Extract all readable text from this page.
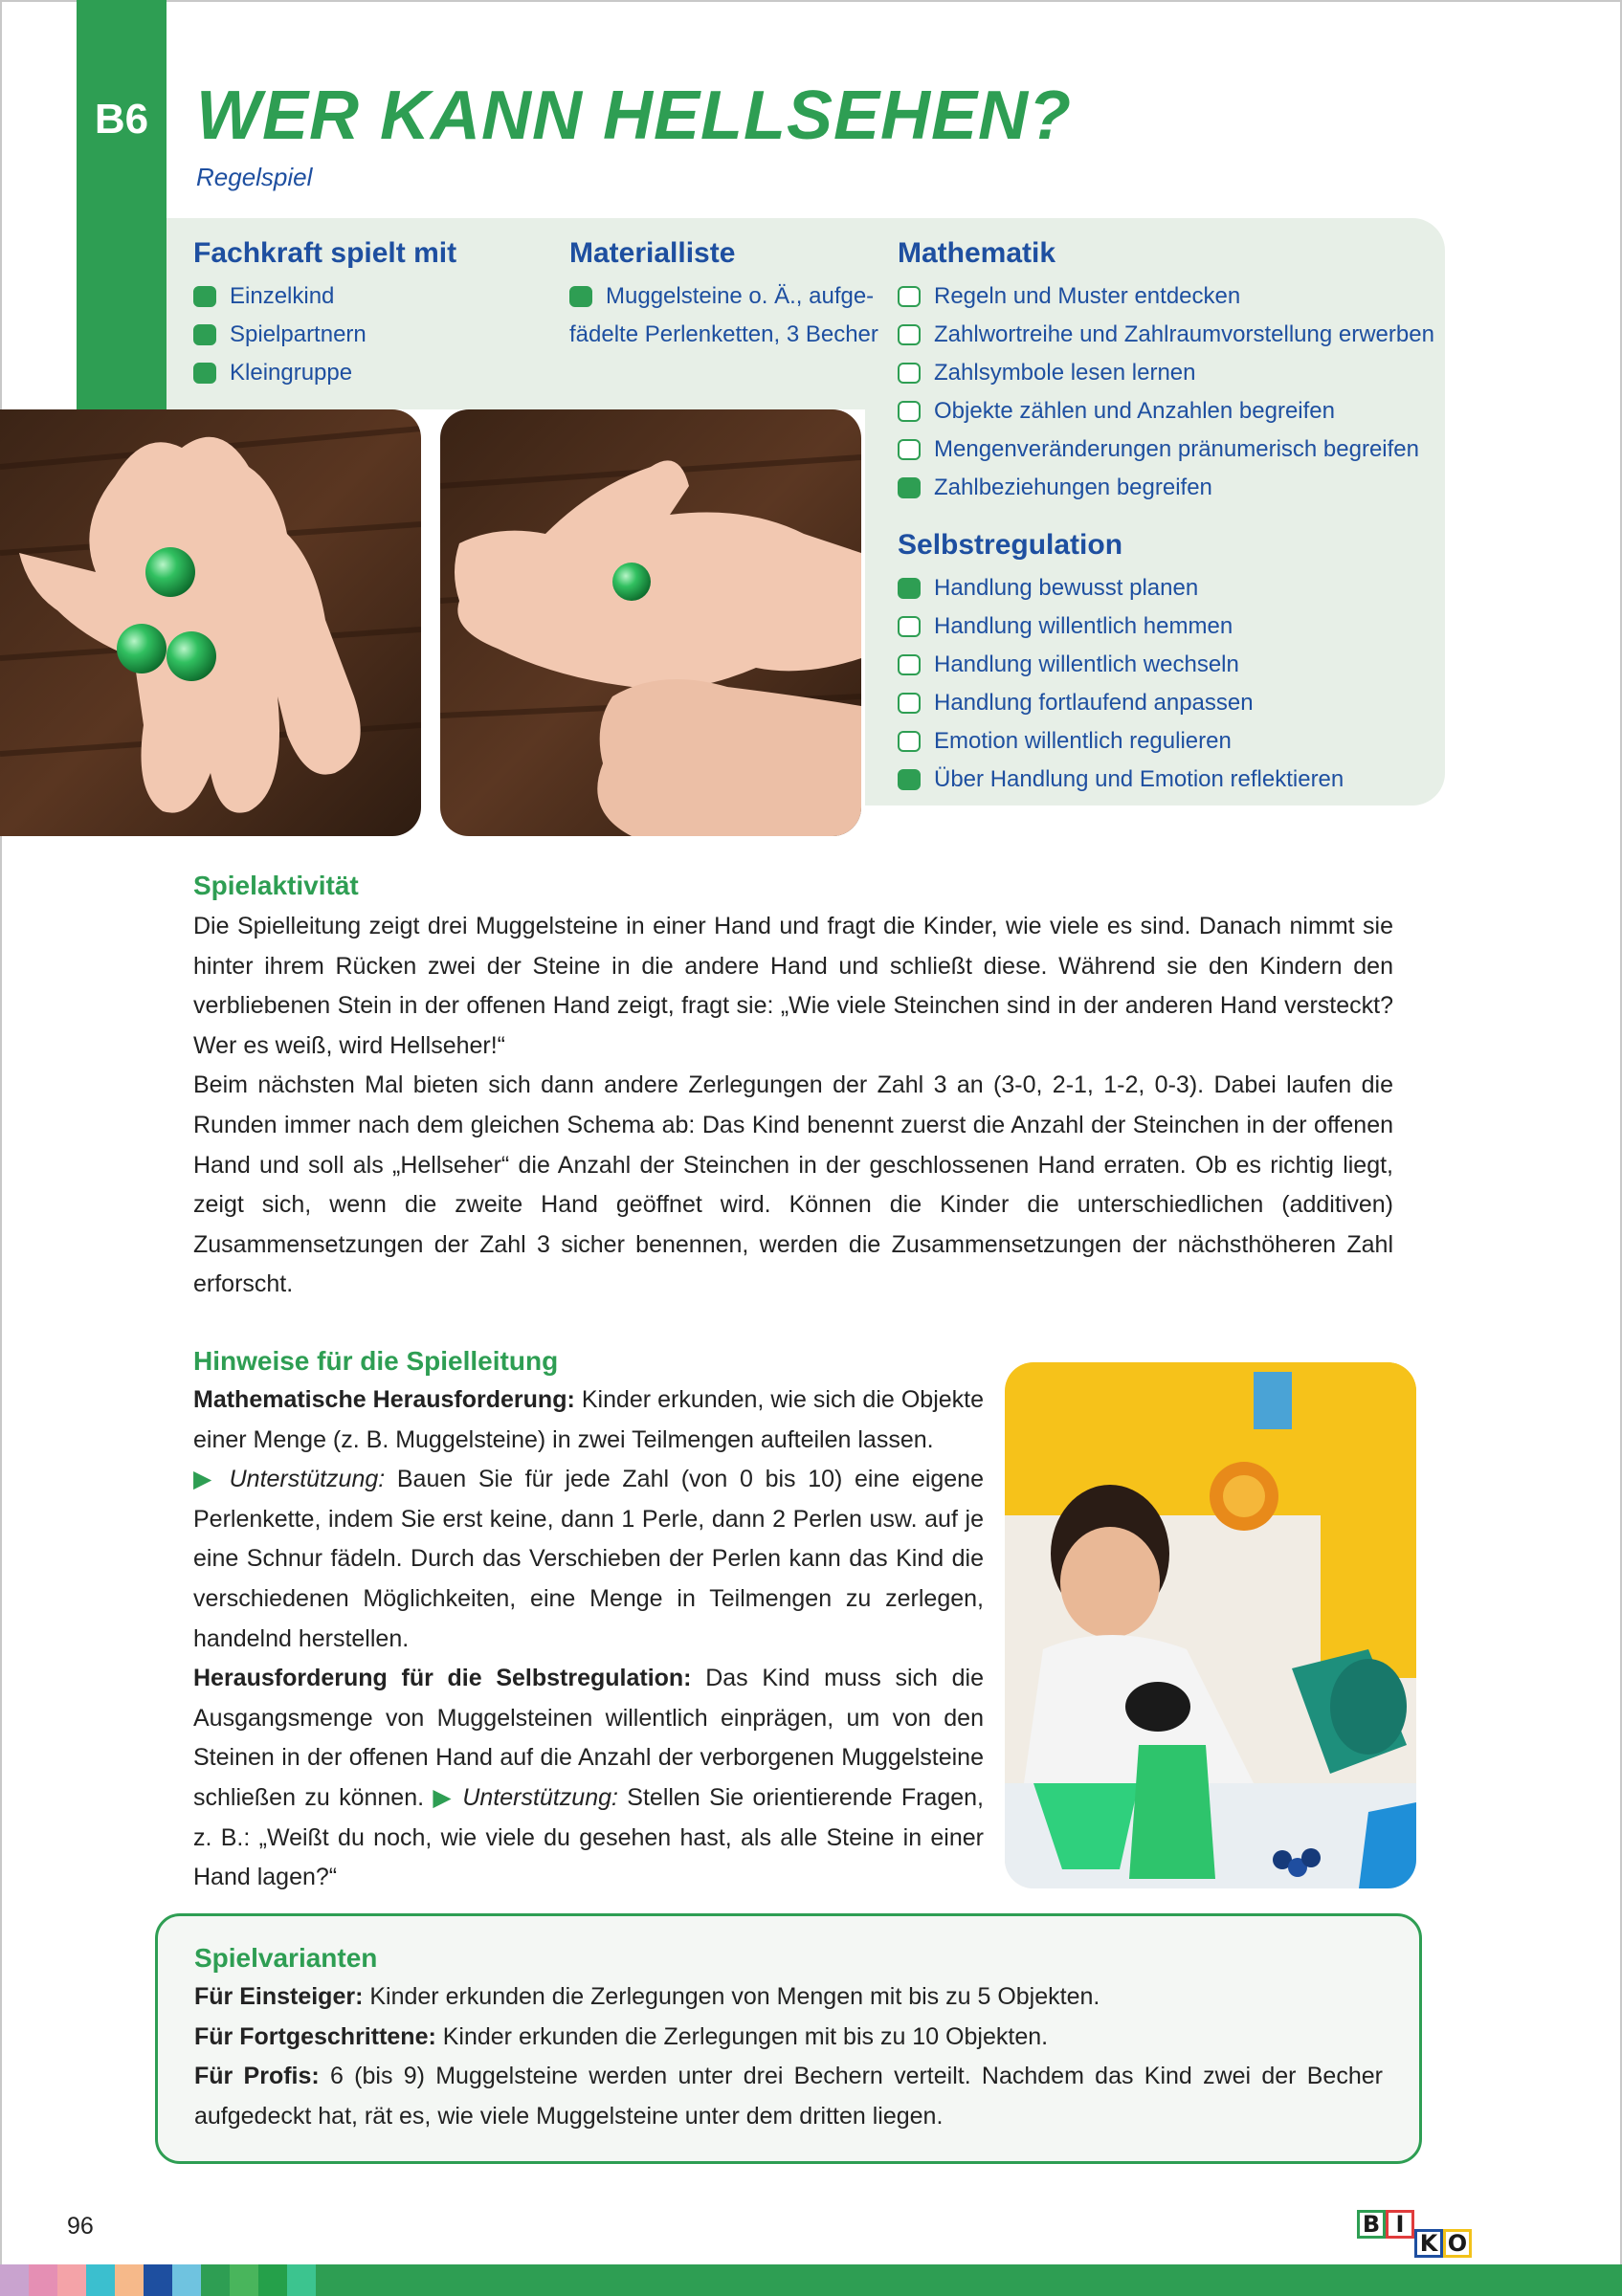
B6 WER KANN HELLSEHEN?
Regelspiel
Fachkraft spielt mit
Einzelkind
Spielpartnern
Kleingruppe
Materialliste
Muggelsteine o. Ä., aufge-
fädelte Perlenketten, 3 Becher
Mathematik
Regeln und Muster entdecken
Zahlwortreihe und Zahlraumvorstellung erwerben
Zahlsymbole lesen lernen
Objekte zählen und Anzahlen begreifen
Mengenveränderungen pränumerisch begreifen
Zahlbeziehungen begreifen
Selbstregulation
Handlung bewusst planen
Handlung willentlich hemmen
Handlung willentlich wechseln
Handlung fortlaufend anpassen
Emotion willentlich regulieren
Über Handlung und Emotion reflektieren
Spielaktivität

Die Spielleitung zeigt drei Muggelsteine in einer Hand und fragt die Kinder, wie viele es sind. Danach nimmt sie hinter ihrem Rücken zwei der Steine in die andere Hand und schließt diese. Während sie den Kindern den verbliebenen Stein in der offenen Hand zeigt, fragt sie: „Wie viele Steinchen sind in der anderen Hand versteckt? Wer es weiß, wird Hellseher!“

Beim nächsten Mal bieten sich dann andere Zerlegungen der Zahl 3 an (3-0, 2-1, 1-2, 0-3). Dabei laufen die Runden immer nach dem gleichen Schema ab: Das Kind benennt zuerst die Anzahl der Steinchen in der offenen Hand und soll als „Hellseher“ die Anzahl der Steinchen in der geschlossenen Hand erraten. Ob es richtig liegt, zeigt sich, wenn die zweite Hand geöffnet wird. Können die Kinder die unterschiedlichen (additiven) Zusammensetzungen der Zahl 3 sicher benennen, werden die Zusammensetzungen der nächsthöheren Zahl erforscht.

Hinweise für die Spielleitung

Mathematische Herausforderung: Kinder erkunden, wie sich die Objekte einer Menge (z. B. Muggelsteine) in zwei Teilmengen aufteilen lassen.
▶ Unterstützung: Bauen Sie für jede Zahl (von 0 bis 10) eine eigene Perlenkette, indem Sie erst keine, dann 1 Perle, dann 2 Perlen usw. auf je eine Schnur fädeln. Durch das Verschieben der Perlen kann das Kind die verschiedenen Möglichkeiten, eine Menge in Teilmengen zu zerlegen, handelnd herstellen.

Herausforderung für die Selbstregulation: Das Kind muss sich die Ausgangsmenge von Muggelsteinen willentlich einprägen, um von den Steinen in der offenen Hand auf die Anzahl der verborgenen Muggelsteine schließen zu können. ▶ Unterstützung: Stellen Sie orientierende Fragen, z. B.: „Weißt du noch, wie viele du gesehen hast, als alle Steine in einer Hand lagen?“

Spielvarianten

Für Einsteiger: Kinder erkunden die Zerlegungen von Mengen mit bis zu 5 Objekten.

Für Fortgeschrittene: Kinder erkunden die Zerlegungen mit bis zu 10 Objekten.

Für Profis: 6 (bis 9) Muggelsteine werden unter drei Bechern verteilt. Nachdem das Kind zwei der Becher aufgedeckt hat, rät es, wie viele Muggelsteine unter dem dritten liegen.

96	B I
K O
